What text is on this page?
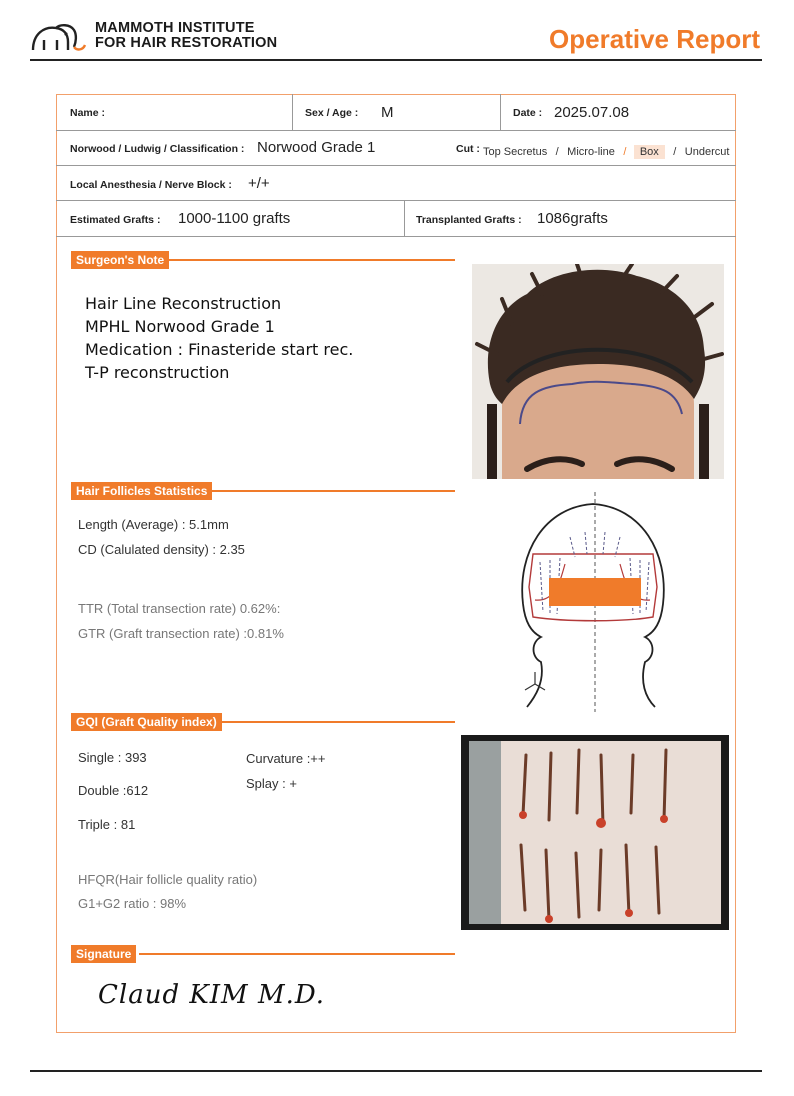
MAMMOTH INSTITUTE
FOR HAIR RESTORATION	Operative Report
Name :	Sex / Age : M	Date : 2025.07.08
Norwood / Ludwig / Classification : Norwood Grade 1	Cut : Top Secretus / Micro-line / Box / Undercut
Local Anesthesia / Nerve Block : +/+
Estimated Grafts : 1000-1100 grafts	Transplanted Grafts : 1086grafts
Surgeon's Note
Hair Line Reconstruction
MPHL Norwood Grade 1
Medication : Finasteride start rec.
T-P reconstruction
Hair Follicles Statistics
Length (Average) : 5.1mm
CD (Calulated density) : 2.35
TTR (Total transection rate) 0.62%:
GTR (Graft transection rate) :0.81%
GQI (Graft Quality index)
Single : 393
Double :612
Triple : 81
Curvature :++
Splay : +
HFQR(Hair follicle quality ratio)
G1+G2 ratio : 98%
Signature
Claud KIM M.D.
